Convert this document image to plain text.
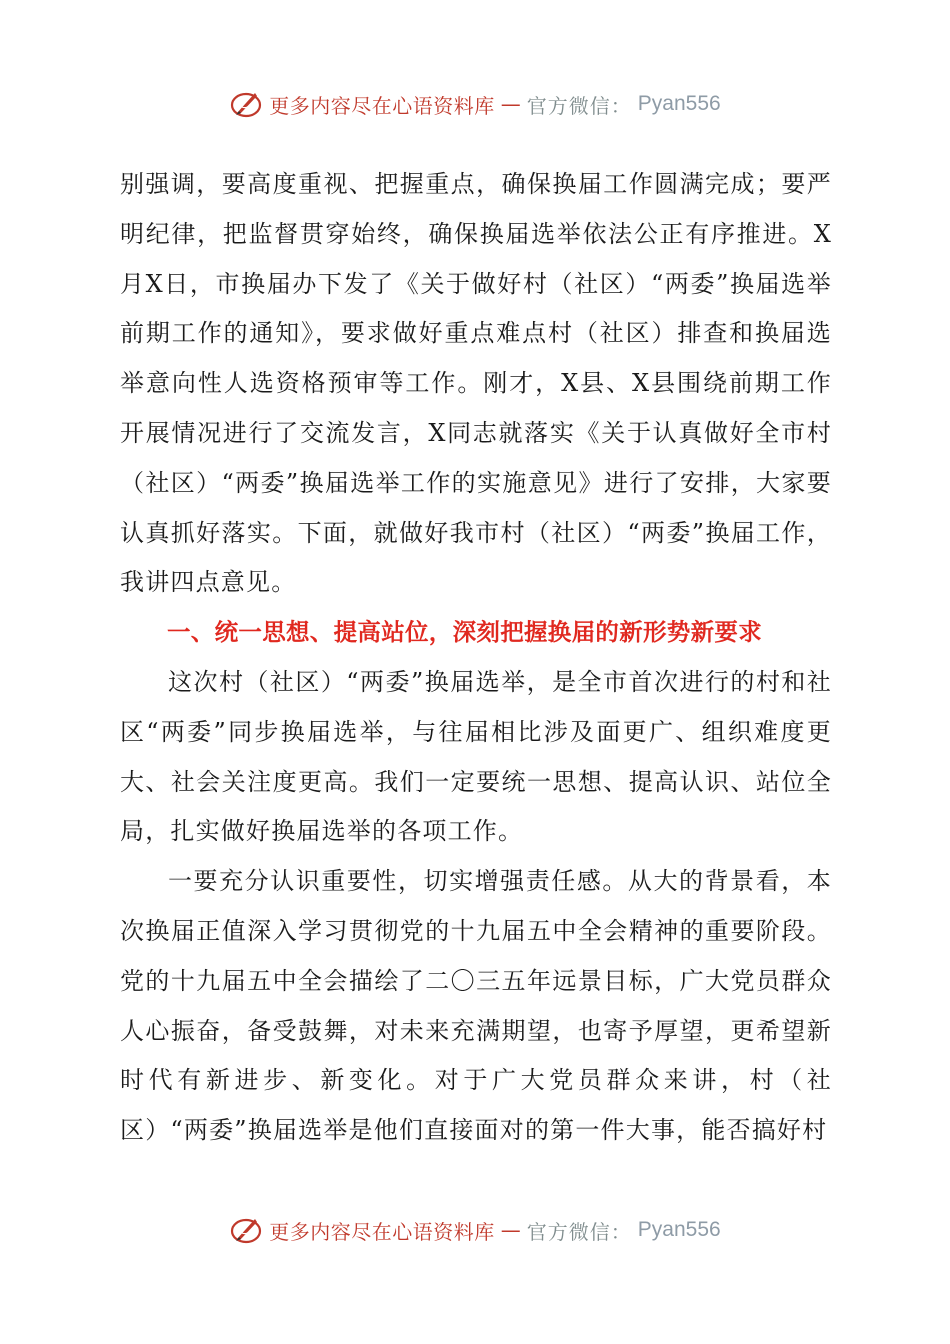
更多内容尽在心语资料库 — 官方微信： Pyan556

别强调，要高度重视、把握重点，确保换届工作圆满完成；要严明纪律，把监督贯穿始终，确保换届选举依法公正有序推进。X月X日，市换届办下发了《关于做好村（社区）“两委”换届选举前期工作的通知》，要求做好重点难点村（社区）排查和换届选举意向性人选资格预审等工作。刚才，X县、X县围绕前期工作开展情况进行了交流发言，X同志就落实《关于认真做好全市村（社区）“两委”换届选举工作的实施意见》进行了安排，大家要认真抓好落实。下面，就做好我市村（社区）“两委”换届工作，我讲四点意见。

一、统一思想、提高站位，深刻把握换届的新形势新要求

这次村（社区）“两委”换届选举，是全市首次进行的村和社区“两委”同步换届选举，与往届相比涉及面更广、组织难度更大、社会关注度更高。我们一定要统一思想、提高认识、站位全局，扎实做好换届选举的各项工作。

一要充分认识重要性，切实增强责任感。从大的背景看，本次换届正值深入学习贯彻党的十九届五中全会精神的重要阶段。党的十九届五中全会描绘了二〇三五年远景目标，广大党员群众人心振奋，备受鼓舞，对未来充满期望，也寄予厚望，更希望新时代有新进步、新变化。对于广大党员群众来讲，村（社区）“两委”换届选举是他们直接面对的第一件大事，能否搞好村

更多内容尽在心语资料库 — 官方微信： Pyan556
